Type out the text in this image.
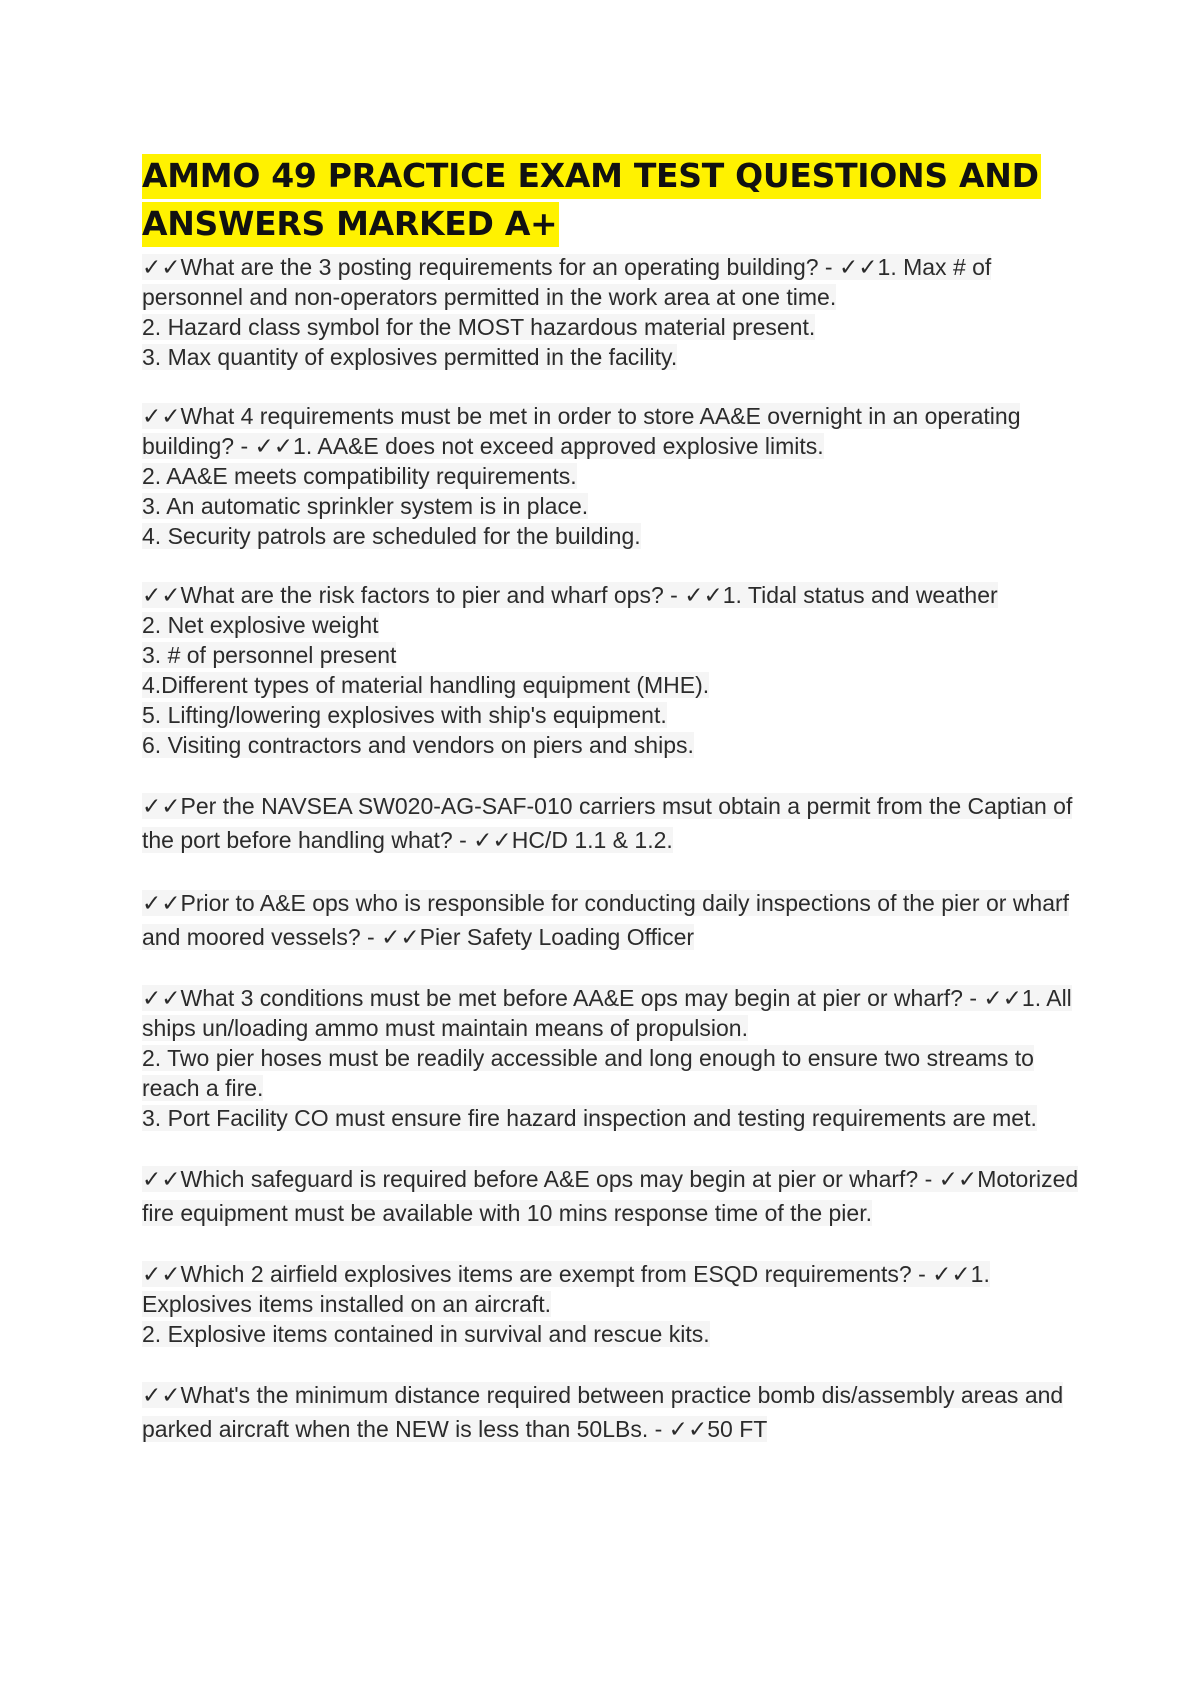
AMMO 49 PRACTICE EXAM TEST QUESTIONS AND ANSWERS MARKED A+
✓✓What are the 3 posting requirements for an operating building? - ✓✓1. Max # of personnel and non-operators permitted in the work area at one time.
2. Hazard class symbol for the MOST hazardous material present.
3. Max quantity of explosives permitted in the facility.
✓✓What 4 requirements must be met in order to store AA&E overnight in an operating building? - ✓✓1. AA&E does not exceed approved explosive limits.
2. AA&E meets compatibility requirements.
3. An automatic sprinkler system is in place.
4. Security patrols are scheduled for the building.
✓✓What are the risk factors to pier and wharf ops? - ✓✓1. Tidal status and weather
2. Net explosive weight
3. # of personnel present
4.Different types of material handling equipment (MHE).
5. Lifting/lowering explosives with ship's equipment.
6. Visiting contractors and vendors on piers and ships.
✓✓Per the NAVSEA SW020-AG-SAF-010 carriers msut obtain a permit from the Captian of the port before handling what? - ✓✓HC/D 1.1 & 1.2.
✓✓Prior to A&E ops who is responsible for conducting daily inspections of the pier or wharf and moored vessels? - ✓✓Pier Safety Loading Officer
✓✓What 3 conditions must be met before AA&E ops may begin at pier or wharf? - ✓✓1. All ships un/loading ammo must maintain means of propulsion.
2. Two pier hoses must be readily accessible and long enough to ensure two streams to reach a fire.
3. Port Facility CO must ensure fire hazard inspection and testing requirements are met.
✓✓Which safeguard is required before A&E ops may begin at pier or wharf? - ✓✓Motorized fire equipment must be available with 10 mins response time of the pier.
✓✓Which 2 airfield explosives items are exempt from ESQD requirements? - ✓✓1. Explosives items installed on an aircraft.
2. Explosive items contained in survival and rescue kits.
✓✓What's the minimum distance required between practice bomb dis/assembly areas and parked aircraft when the NEW is less than 50LBs. - ✓✓50 FT
